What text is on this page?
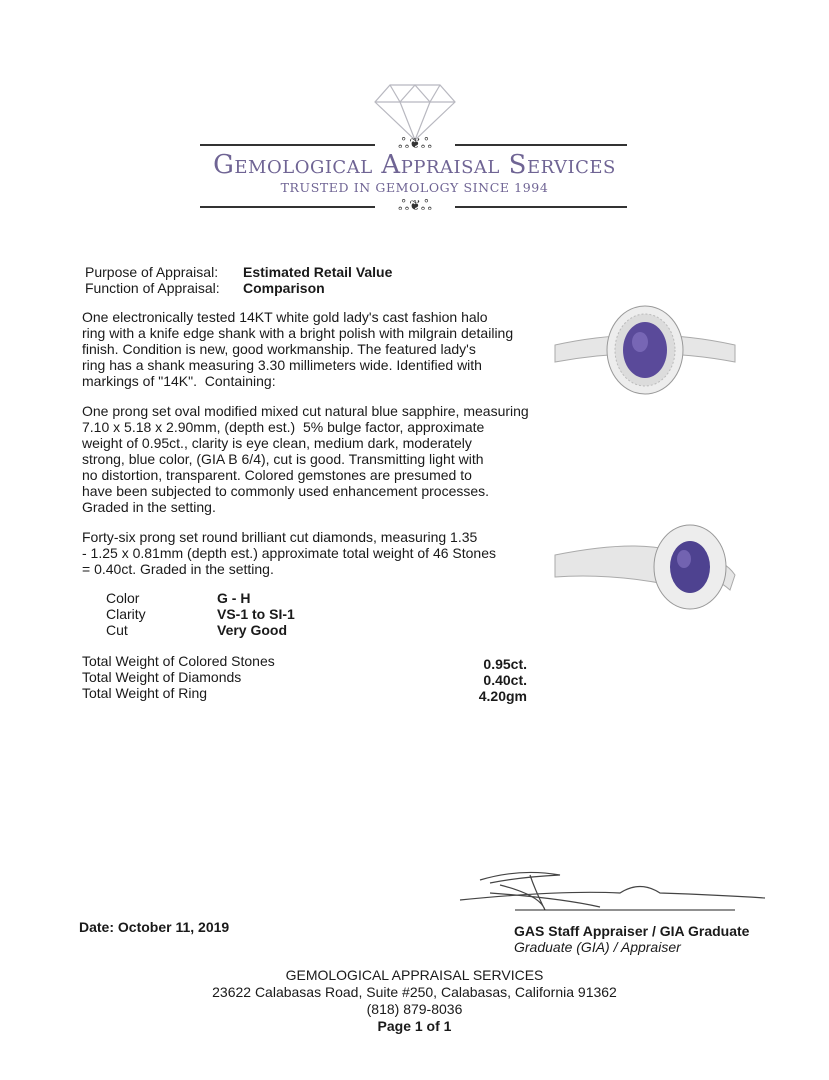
ஃ❦ஃ
Gemological Appraisal Services
TRUSTED IN GEMOLOGY SINCE 1994
ஃ❦ஃ
Purpose of Appraisal: Estimated Retail Value
Function of Appraisal: Comparison
One electronically tested 14KT white gold lady's cast fashion halo
ring with a knife edge shank with a bright polish with milgrain detailing
finish. Condition is new, good workmanship. The featured lady's
ring has a shank measuring 3.30 millimeters wide. Identified with
markings of "14K".  Containing:
One prong set oval modified mixed cut natural blue sapphire, measuring
7.10 x 5.18 x 2.90mm, (depth est.)  5% bulge factor, approximate
weight of 0.95ct., clarity is eye clean, medium dark, moderately
strong, blue color, (GIA B 6/4), cut is good. Transmitting light with
no distortion, transparent. Colored gemstones are presumed to
have been subjected to commonly used enhancement processes.
Graded in the setting.
Forty-six prong set round brilliant cut diamonds, measuring 1.35
- 1.25 x 0.81mm (depth est.) approximate total weight of 46 Stones
= 0.40ct. Graded in the setting.
Color	G - H
Clarity	VS-1 to SI-1
Cut	Very Good
Total Weight of Colored Stones	0.95ct.
Total Weight of Diamonds	0.40ct.
Total Weight of Ring	4.20gm
Date: October 11, 2019	GAS Staff Appraiser / GIA Graduate
Graduate (GIA) / Appraiser
GEMOLOGICAL APPRAISAL SERVICES
23622 Calabasas Road, Suite #250, Calabasas, California 91362
(818) 879-8036
Page 1 of 1
